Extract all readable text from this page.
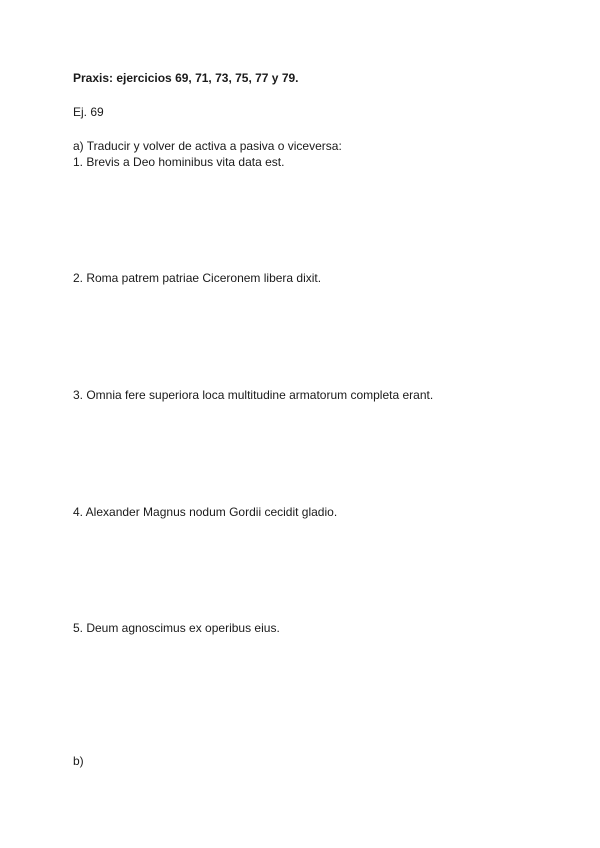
Praxis: ejercicios 69, 71, 73, 75, 77 y 79.
Ej. 69
a) Traducir y volver de activa a pasiva o viceversa:
1. Brevis a Deo hominibus vita data est.
2. Roma patrem patriae Ciceronem libera dixit.
3. Omnia fere superiora loca multitudine armatorum completa erant.
4. Alexander Magnus nodum Gordii cecidit gladio.
5. Deum agnoscimus ex operibus eius.
b)
